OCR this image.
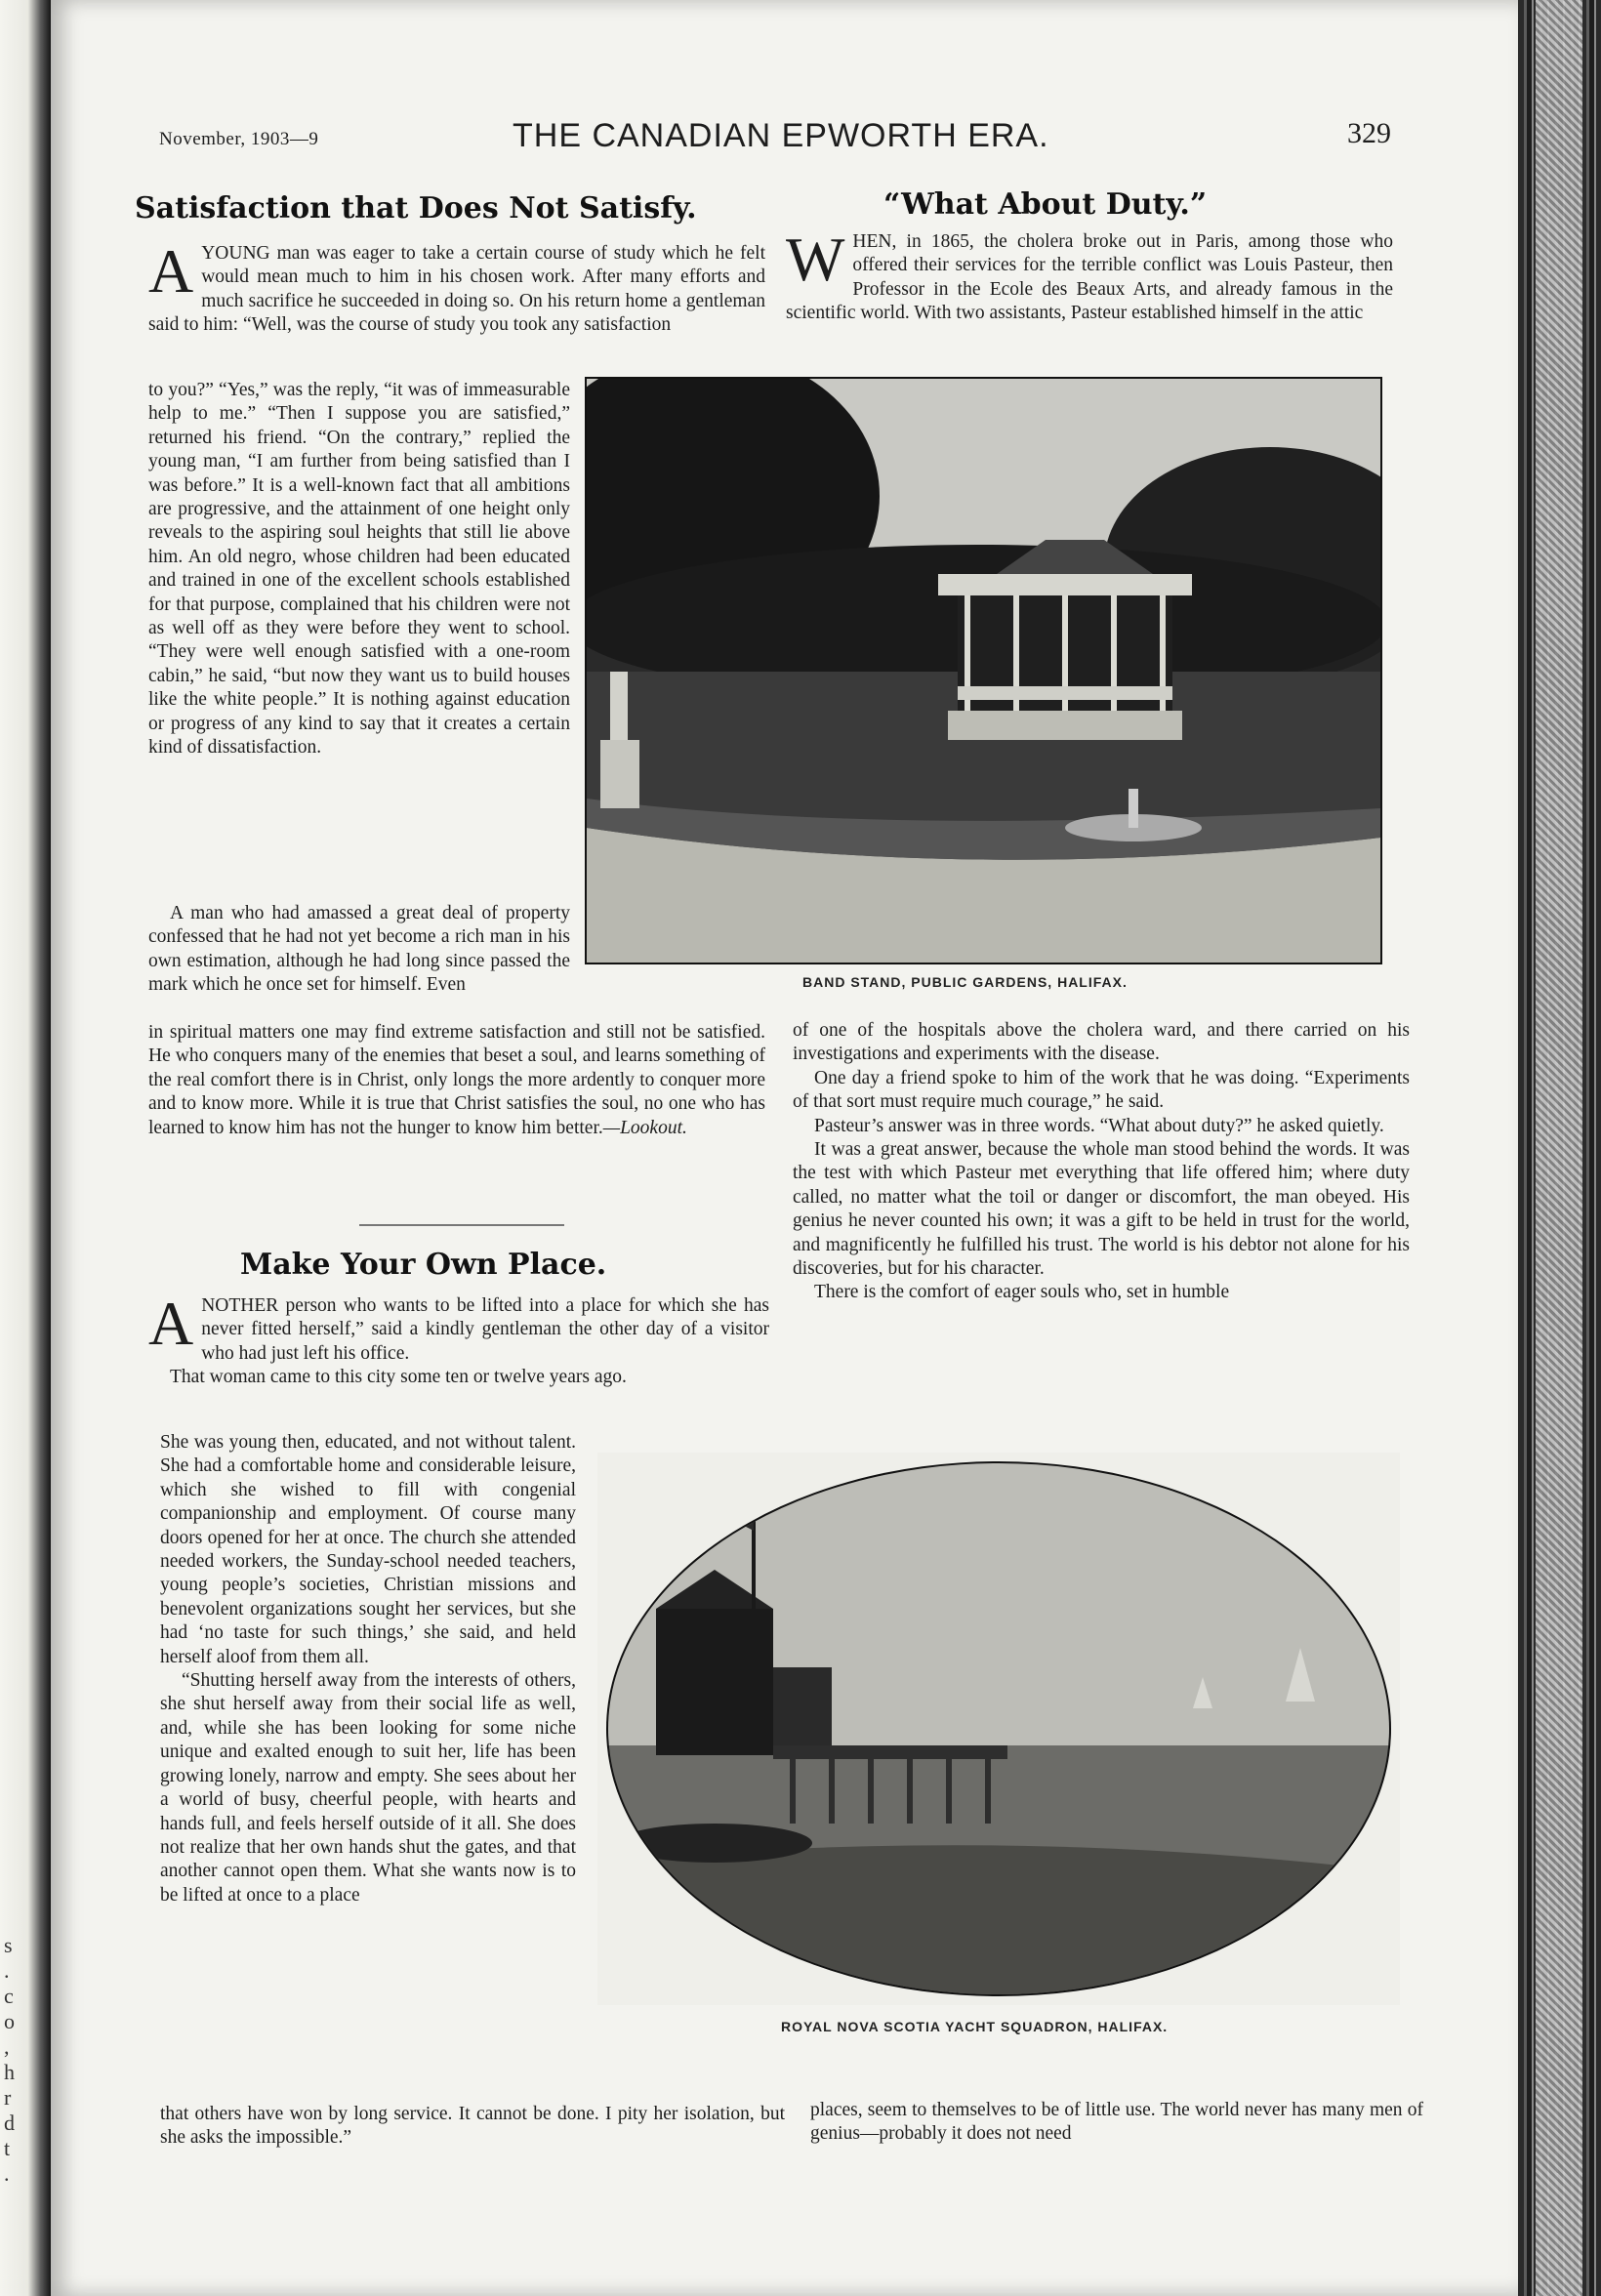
s
.
c
o
,
h
r
d
t
.
November, 1903—9	THE CANADIAN EPWORTH ERA.	329
Satisfaction that Does Not Satisfy.
A YOUNG man was eager to take a certain course of study which he felt would mean much to him in his chosen work. After many efforts and much sacrifice he succeeded in doing so. On his return home a gentleman said to him: “Well, was the course of study you took any satisfaction
“What About Duty.”
W HEN, in 1865, the cholera broke out in Paris, among those who offered their services for the terrible conflict was Louis Pasteur, then Professor in the Ecole des Beaux Arts, and already famous in the scientific world. With two assistants, Pasteur established himself in the attic
BAND STAND, PUBLIC GARDENS, HALIFAX.

A man who had amassed a great deal of property confessed that he had not yet become a rich man in his own estimation, although he had long since passed the mark which he once set for himself. Even

in spiritual matters one may find extreme satisfaction and still not be satisfied. He who conquers many of the enemies that beset a soul, and learns something of the real comfort there is in Christ, only longs the more ardently to conquer more and to know more. While it is true that Christ satisfies the soul, no one who has learned to know him has not the hunger to know him better.—Lookout.

of one of the hospitals above the cholera ward, and there carried on his investigations and experiments with the disease.

One day a friend spoke to him of the work that he was doing. “Experiments of that sort must require much courage,” he said.

Pasteur’s answer was in three words. “What about duty?” he asked quietly.

It was a great answer, because the whole man stood behind the words. It was the test with which Pasteur met everything that life offered him; where duty called, no matter what the toil or danger or discomfort, the man obeyed. His genius he never counted his own; it was a gift to be held in trust for the world, and magnificently he fulfilled his trust. The world is his debtor not alone for his discoveries, but for his character.

There is the comfort of eager souls who, set in humble

Make Your Own Place.
A NOTHER person who wants to be lifted into a place for which she has never fitted herself,” said a kindly gentleman the other day of a visitor who had just left his office.

That woman came to this city some ten or twelve years ago.

She was young then, educated, and not without talent. She had a comfortable home and considerable leisure, which she wished to fill with congenial companionship and employment. Of course many doors opened for her at once. The church she attended needed workers, the Sunday-school needed teachers, young people’s societies, Christian missions and benevolent organizations sought her services, but she had ‘no taste for such things,’ she said, and held herself aloof from them all.

“Shutting herself away from the interests of others, she shut herself away from their social life as well, and, while she has been looking for some niche unique and exalted enough to suit her, life has been growing lonely, narrow and empty. She sees about her a world of busy, cheerful people, with hearts and hands full, and feels herself outside of it all. She does not realize that her own hands shut the gates, and that another cannot open them. What she wants now is to be lifted at once to a place

that others have won by long service. It cannot be done. I pity her isolation, but she asks the impossible.”

ROYAL NOVA SCOTIA YACHT SQUADRON, HALIFAX.

places, seem to themselves to be of little use. The world never has many men of genius—probably it does not need

to you?” “Yes,” was the reply, “it was of immeasurable help to me.” “Then I suppose you are satisfied,” returned his friend. “On the contrary,” replied the young man, “I am further from being satisfied than I was before.” It is a well-known fact that all ambitions are progressive, and the attainment of one height only reveals to the aspiring soul heights that still lie above him. An old negro, whose children had been educated and trained in one of the excellent schools established for that purpose, complained that his children were not as well off as they were before they went to school. “They were well enough satisfied with a one-room cabin,” he said, “but now they want us to build houses like the white people.” It is nothing against education or progress of any kind to say that it creates a certain kind of dissatisfaction.
